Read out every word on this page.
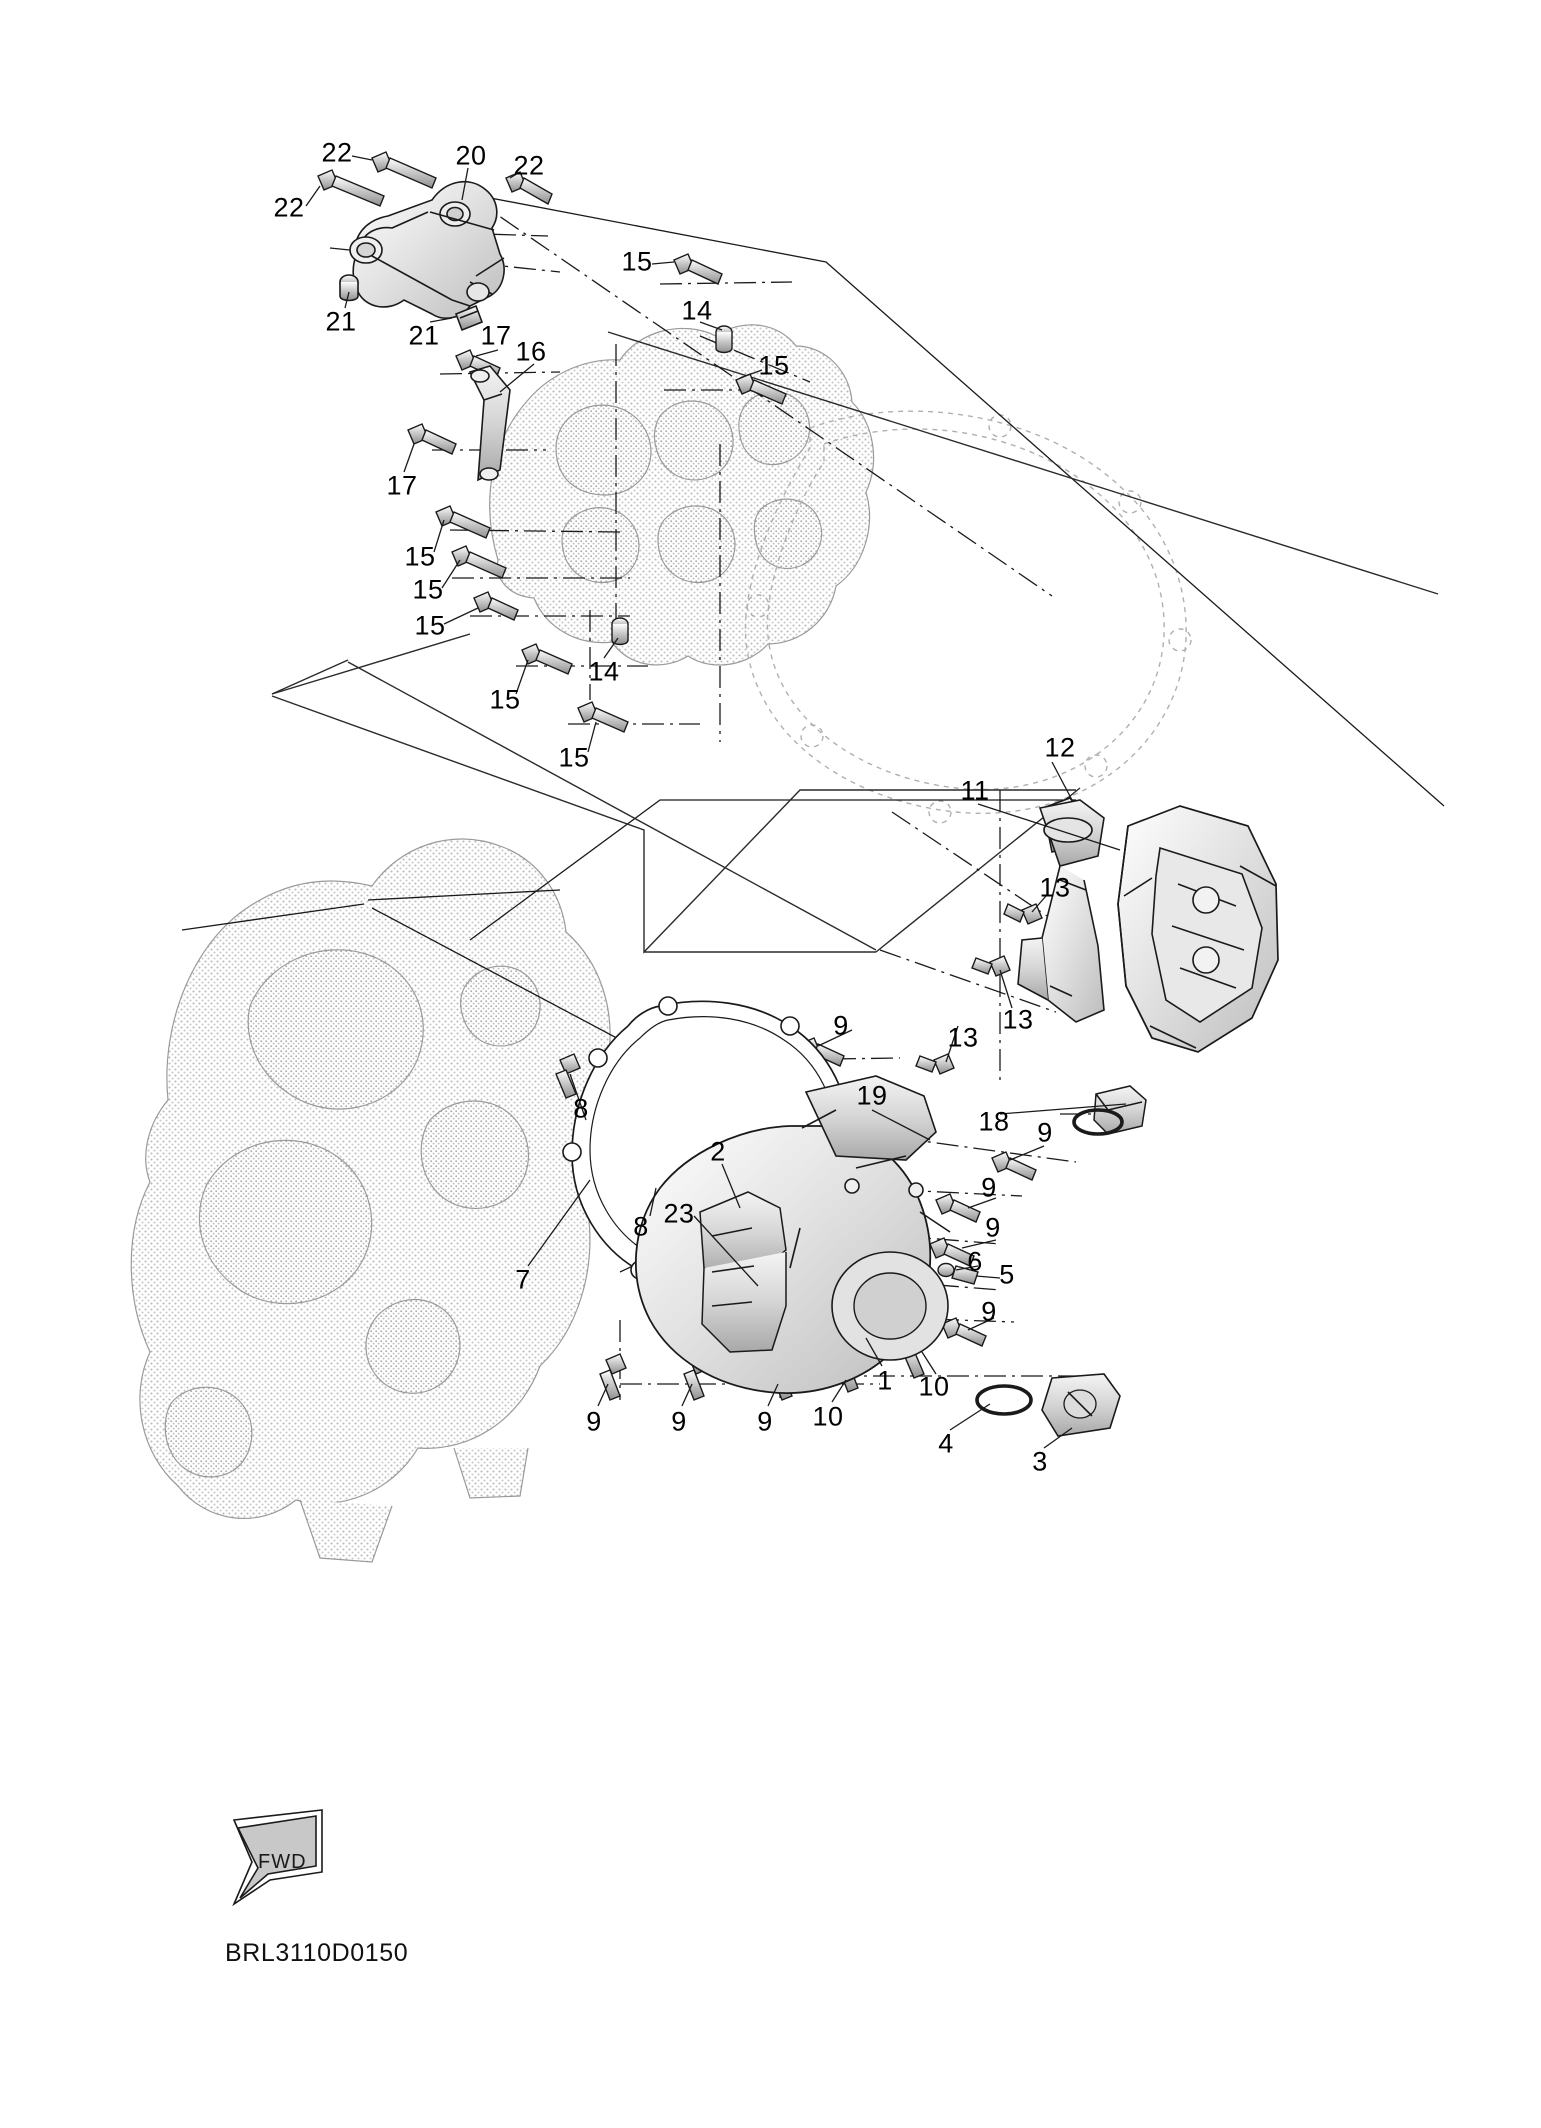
22	20 22
22
15
21	14
21 17
16	15
17
15
15
15
14
15
15	12
11
13
13
13
9
19
18 9
8
2
9
9
8 23
6 5
7
9
1 10
4
3
9	9	9 10
FWD
BRL3110D0150
